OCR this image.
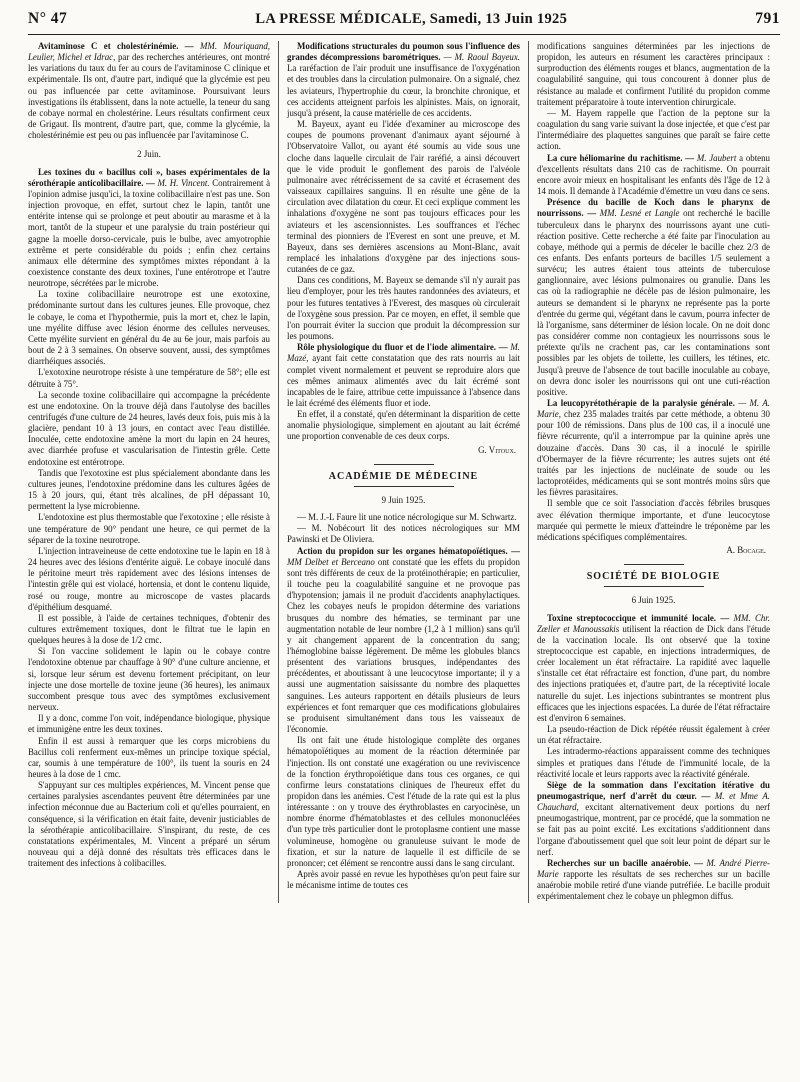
N° 47	LA PRESSE MÉDICALE, Samedi, 13 Juin 1925	791

Avitaminose C et cholestérinémie. — MM. Mouriquand, Leulier, Michel et Idrac, par des recherches antérieures, ont montré les variations du taux du fer au cours de l'avitaminose C clinique et expérimentale. Ils ont, d'autre part, indiqué que la glycémie est peu ou pas influencée par cette avitaminose. Poursuivant leurs investigations ils établissent, dans la note actuelle, la teneur du sang de cobaye normal en cholestérine. Leurs résultats confirment ceux de Grigaut. Ils montrent, d'autre part, que, comme la glycémie, la cholestérinémie est peu ou pas influencée par l'avitaminose C.

2 Juin.

Les toxines du « bacillus coli », bases expérimentales de la sérothérapie anticolibacillaire. — M. H. Vincent. Contrairement à l'opinion admise jusqu'ici, la toxine colibacillaire n'est pas une. Son injection provoque, en effet, surtout chez le lapin, tantôt une entérite intense qui se prolonge et peut aboutir au marasme et à la mort, tantôt de la stupeur et une paralysie du train postérieur qui gagne la moelle dorso-cervicale, puis le bulbe, avec amyotrophie extrême et perte considérable du poids ; enfin chez certains animaux elle détermine des symptômes mixtes répondant à la coexistence constante des deux toxines, l'une entérotrope et l'autre neurotrope, sécrétées par le microbe.

La toxine colibacillaire neurotrope est une exotoxine, prédominante surtout dans les cultures jeunes. Elle provoque, chez le cobaye, le coma et l'hypothermie, puis la mort et, chez le lapin, une myélite diffuse avec lésion énorme des cellules nerveuses. Cette myélite survient en général du 4e au 6e jour, mais parfois au bout de 2 à 3 semaines. On observe souvent, aussi, des symptômes diarrhéiques associés.

L'exotoxine neurotrope résiste à une température de 58°; elle est détruite à 75°.

La seconde toxine colibacillaire qui accompagne la précédente est une endotoxine. On la trouve déjà dans l'autolyse des bacilles centrifugés d'une culture de 24 heures, lavés deux fois, puis mis à la glacière, pendant 10 à 13 jours, en contact avec l'eau distillée. Inoculée, cette endotoxine amène la mort du lapin en 24 heures, avec diarrhée profuse et vascularisation de l'intestin grêle. Cette endotoxine est entérotrope.

Tandis que l'exotoxine est plus spécialement abondante dans les cultures jeunes, l'endotoxine prédomine dans les cultures âgées de 15 à 20 jours, qui, étant très alcalines, de pH dépassant 10, permettent la lyse microbienne.

L'endotoxine est plus thermostable que l'exotoxine ; elle résiste à une température de 90° pendant une heure, ce qui permet de la séparer de la toxine neurotrope.

L'injection intraveineuse de cette endotoxine tue le lapin en 18 à 24 heures avec des lésions d'entérite aiguë. Le cobaye inoculé dans le péritoine meurt très rapidement avec des lésions intenses de l'intestin grêle qui est violacé, hortensia, et dont le contenu liquide, rosé ou rouge, montre au microscope de vastes placards d'épithélium desquamé.

Il est possible, à l'aide de certaines techniques, d'obtenir des cultures extrêmement toxiques, dont le filtrat tue le lapin en quelques heures à la dose de 1/2 cmc.

Si l'on vaccine solidement le lapin ou le cobaye contre l'endotoxine obtenue par chauffage à 90° d'une culture ancienne, et si, lorsque leur sérum est devenu fortement précipitant, on leur injecte une dose mortelle de toxine jeune (36 heures), les animaux succombent presque tous avec des symptômes exclusivement nerveux.

Il y a donc, comme l'on voit, indépendance biologique, physique et immunigène entre les deux toxines.

Enfin il est aussi à remarquer que les corps microbiens du Bacillus coli renferment eux-mêmes un principe toxique spécial, car, soumis à une température de 100°, ils tuent la souris en 24 heures à la dose de 1 cmc.

S'appuyant sur ces multiples expériences, M. Vincent pense que certaines paralysies ascendantes peuvent être déterminées par une infection méconnue due au Bacterium coli et qu'elles pourraient, en conséquence, si la vérification en était faite, devenir justiciables de la sérothérapie anticolibacillaire. S'inspirant, du reste, de ces constatations expérimentales, M. Vincent a préparé un sérum nouveau qui a déjà donné des résultats très efficaces dans le traitement des infections à colibacilles.

Modifications structurales du poumon sous l'influence des grandes décompressions barométriques. — M. Raoul Bayeux. La raréfaction de l'air produit une insuffisance de l'oxygénation et des troubles dans la circulation pulmonaire. On a signalé, chez les aviateurs, l'hypertrophie du cœur, la bronchite chronique, et ces accidents atteignent parfois les alpinistes. Mais, on ignorait, jusqu'à présent, la cause matérielle de ces accidents.

M. Bayeux, ayant eu l'idée d'examiner au microscope des coupes de poumons provenant d'animaux ayant séjourné à l'Observatoire Vallot, ou ayant été soumis au vide sous une cloche dans laquelle circulait de l'air raréfié, a ainsi découvert que le vide produit le gonflement des parois de l'alvéole pulmonaire avec rétrécissement de sa cavité et écrasement des vaisseaux capillaires sanguins. Il en résulte une gêne de la circulation avec dilatation du cœur. Et ceci explique comment les inhalations d'oxygène ne sont pas toujours efficaces pour les aviateurs et les ascensionnistes. Les souffrances et l'échec terminal des pionniers de l'Everest en sont une preuve, et M. Bayeux, dans ses dernières ascensions au Mont-Blanc, avait remplacé les inhalations d'oxygène par des injections sous-cutanées de ce gaz.

Dans ces conditions, M. Bayeux se demande s'il n'y aurait pas lieu d'employer, pour les très hautes randonnées des aviateurs, et pour les futures tentatives à l'Everest, des masques où circulerait de l'oxygène sous pression. Par ce moyen, en effet, il semble que l'on pourrait éviter la succion que produit la décompression sur les poumons.

Rôle physiologique du fluor et de l'iode alimentaire. — M. Mazé, ayant fait cette constatation que des rats nourris au lait complet vivent normalement et peuvent se reproduire alors que ces mêmes animaux alimentés avec du lait écrémé sont incapables de le faire, attribue cette impuissance à l'absence dans le lait écrémé des éléments fluor et iode.

En effet, il a constaté, qu'en déterminant la disparition de cette anomalie physiologique, simplement en ajoutant au lait écrémé une proportion convenable de ces deux corps.

G. Vitoux.
ACADÉMIE DE MÉDECINE
9 Juin 1925.

— M. J.-L Faure lit une notice nécrologique sur M. Schwartz.

— M. Nobécourt lit des notices nécrologiques sur MM Pawinski et De Oliviera.

Action du propidon sur les organes hématopoïétiques. — MM Delbet et Berceano ont constaté que les effets du propidon sont très différents de ceux de la protéinothérapie; en particulier, il touche peu la coagulabilité sanguine et ne provoque pas d'hypotension; jamais il ne produit d'accidents anaphylactiques. Chez les cobayes neufs le propidon détermine des variations brusques du nombre des hématies, se terminant par une augmentation notable de leur nombre (1,2 à 1 million) sans qu'il y ait changement apparent de la concentration du sang; l'hémoglobine baisse légèrement. De même les globules blancs présentent des variations brusques, indépendantes des précédentes, et aboutissant à une leucocytose importante; il y a aussi une augmentation saisissante du nombre des plaquettes sanguines. Les auteurs rapportent en détails plusieurs de leurs expériences et font remarquer que ces modifications globulaires se produisent simultanément dans tous les vaisseaux de l'économie.

Ils ont fait une étude histologique complète des organes hématopoïétiques au moment de la réaction déterminée par l'injection. Ils ont constaté une exagération ou une reviviscence de la fonction érythropoïétique dans tous ces organes, ce qui confirme leurs constatations cliniques de l'heureux effet du propidon dans les anémies. C'est l'étude de la rate qui est la plus intéressante : on y trouve des érythroblastes en caryocinèse, un nombre énorme d'hématoblastes et des cellules mononucléées d'un type très particulier dont le protoplasme contient une masse volumineuse, homogène ou granuleuse suivant le mode de fixation, et sur la nature de laquelle il est difficile de se prononcer; cet élément se rencontre aussi dans le sang circulant.

Après avoir passé en revue les hypothèses qu'on peut faire sur le mécanisme intime de toutes ces

modifications sanguines déterminées par les injections de propidon, les auteurs en résument les caractères principaux : surproduction des éléments rouges et blancs, augmentation de la coagulabilité sanguine, qui tous concourent à donner plus de résistance au malade et confirment l'utilité du propidon comme traitement préparatoire à toute intervention chirurgicale.

— M. Hayem rappelle que l'action de la peptone sur la coagulation du sang varie suivant la dose injectée, et que c'est par l'intermédiaire des plaquettes sanguines que paraît se faire cette action.

La cure héliomarine du rachitisme. — M. Jaubert a obtenu d'excellents résultats dans 210 cas de rachitisme. On pourrait encore avoir mieux en hospitalisant les enfants dès l'âge de 12 à 14 mois. Il demande à l'Académie d'émettre un vœu dans ce sens.

Présence du bacille de Koch dans le pharynx de nourrissons. — MM. Lesné et Langle ont recherché le bacille tuberculeux dans le pharynx des nourrissons ayant une cuti-réaction positive. Cette recherche a été faite par l'inoculation au cobaye, méthode qui a permis de déceler le bacille chez 2/3 de ces enfants. Des enfants porteurs de bacilles 1/5 seulement a survécu; les autres étaient tous atteints de tuberculose ganglionnaire, avec lésions pulmonaires ou granulie. Dans les cas où la radiographie ne décèle pas de lésion pulmonaire, les auteurs se demandent si le pharynx ne représente pas la porte d'entrée du germe qui, végétant dans le cavum, pourra infecter de là l'organisme, sans déterminer de lésion locale. On ne doit donc pas considérer comme non contagieux les nourrissons sous le prétexte qu'ils ne crachent pas, car les contaminations sont possibles par les objets de toilette, les cuillers, les tétines, etc. Jusqu'à preuve de l'absence de tout bacille inoculable au cobaye, on devra donc isoler les nourrissons qui ont une cuti-réaction positive.

La leucopyrétothérapie de la paralysie générale. — M. A. Marie, chez 235 malades traités par cette méthode, a obtenu 30 pour 100 de rémissions. Dans plus de 100 cas, il a inoculé une fièvre récurrente, qu'il a interrompue par la quinine après une douzaine d'accès. Dans 30 cas, il a inoculé le spirille d'Obermayer de la fièvre récurrente; les autres sujets ont été traités par les injections de nucléinate de soude ou les lactoprotéides, médicaments qui se sont montrés moins sûrs que les fièvres parasitaires.

Il semble que ce soit l'association d'accès fébriles brusques avec élévation thermique importante, et d'une leucocytose marquée qui permette le mieux d'atteindre le tréponème par les médications spécifiques complémentaires.

A. Bocage.
SOCIÉTÉ DE BIOLOGIE
6 Juin 1925.

Toxine streptococcique et immunité locale. — MM. Chr. Zœller et Manoussakis utilisent la réaction de Dick dans l'étude de la vaccination locale. Ils ont observé que la toxine streptococcique est capable, en injections intradermiques, de créer localement un état réfractaire. La rapidité avec laquelle s'installe cet état réfractaire est fonction, d'une part, du nombre des injections pratiquées et, d'autre part, de la réceptivité locale naturelle du sujet. Les injections subintrantes se montrent plus efficaces que les injections espacées. La durée de l'état réfractaire est d'environ 6 semaines.

La pseudo-réaction de Dick répétée réussit également à créer un état réfractaire.

Les intradermo-réactions apparaissent comme des techniques simples et pratiques dans l'étude de l'immunité locale, de la réactivité locale et leurs rapports avec la réactivité générale.

Siège de la sommation dans l'excitation itérative du pneumogastrique, nerf d'arrêt du cœur. — M. et Mme A. Chauchard, excitant alternativement deux portions du nerf pneumogastrique, montrent, par ce procédé, que la sommation ne se fait pas au point excité. Les excitations s'additionnent dans l'organe d'aboutissement quel que soit leur point de départ sur le nerf.

Recherches sur un bacille anaérobie. — M. André Pierre-Marie rapporte les résultats de ses recherches sur un bacille anaérobie mobile retiré d'une viande putréfiée. Le bacille produit expérimentalement chez le cobaye un phlegmon diffus.
